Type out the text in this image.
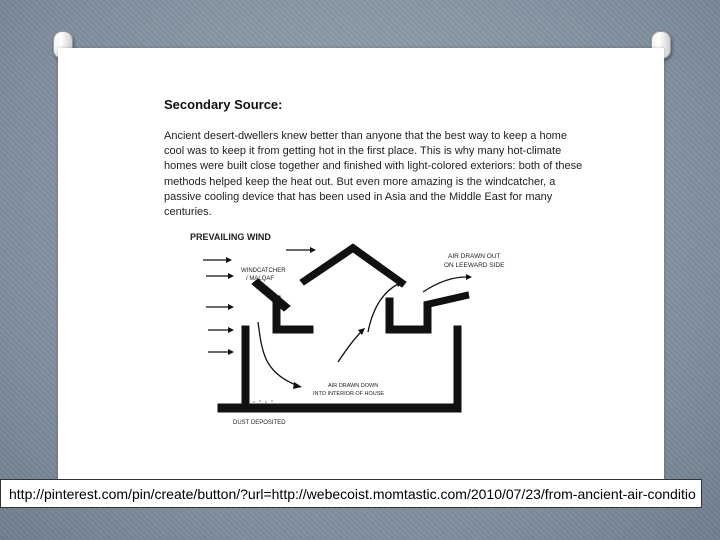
Secondary Source:
Ancient desert-dwellers knew better than anyone that the best way to keep a home cool was to keep it from getting hot in the first place. This is why many hot-climate homes were built close together and finished with light-colored exteriors: both of these methods helped keep the heat out. But even more amazing is the windcatcher, a passive cooling device that has been used in Asia and the Middle East for many centuries.
PREVAILING WIND
WINDCATCHER
/ MALQAF
AIR DRAWN OUT
ON LEEWARD SIDE
AIR DRAWN DOWN
INTO INTERIOR OF HOUSE
DUST DEPOSITED
http://pinterest.com/pin/create/button/?url=http://webecoist.momtastic.com/2010/07/23/from-ancient-air-conditio
